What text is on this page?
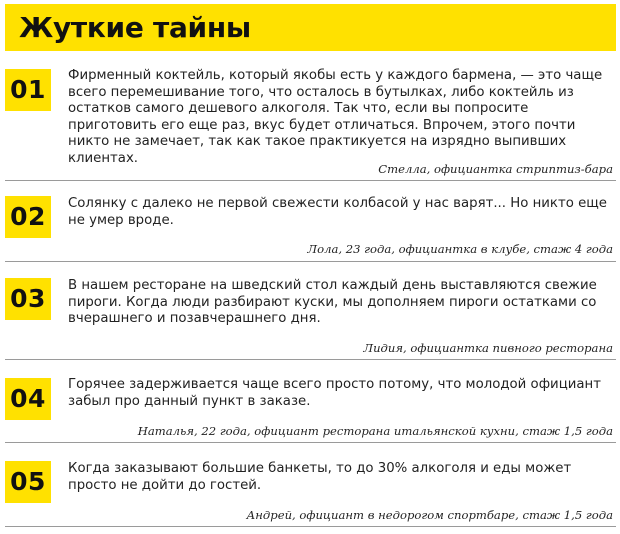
Жуткие тайны
01	Фирменный коктейль, который якобы есть у каждого бармена, — это чаще всего перемешивание того, что осталось в бутылках, либо коктейль из остатков самого дешевого алкоголя. Так что, если вы попросите приготовить его еще раз, вкус будет отличаться. Впрочем, этого почти никто не замечает, так как такое практикуется на изрядно выпивших клиентах.

Стелла, официантка стриптиз-бара
02	Солянку с далеко не первой свежести колбасой у нас варят... Но никто еще не умер вроде.

Лола, 23 года, официантка в клубе, стаж 4 года
03	В нашем ресторане на шведский стол каждый день выставляются свежие пироги. Когда люди разбирают куски, мы дополняем пироги остатками со вчерашнего и позавчерашнего дня.

Лидия, официантка пивного ресторана
04	Горячее задерживается чаще всего просто потому, что молодой официант забыл про данный пункт в заказе.

Наталья, 22 года, официант ресторана итальянской кухни, стаж 1,5 года
05	Когда заказывают большие банкеты, то до 30% алкоголя и еды может просто не дойти до гостей.

Андрей, официант в недорогом спортбаре, стаж 1,5 года
